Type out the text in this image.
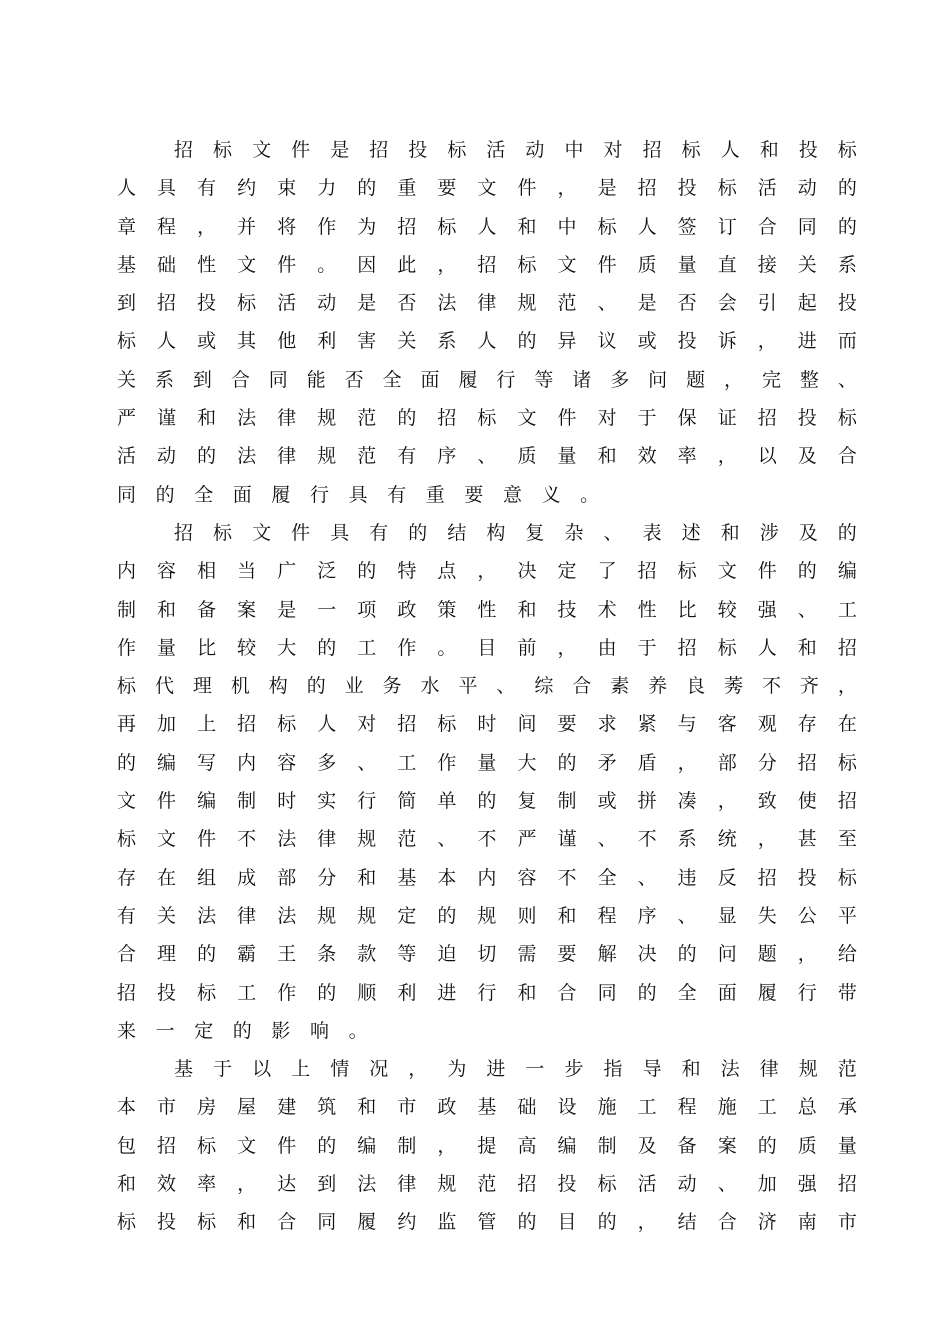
招 标 文 件 是 招 投 标 活 动 中 对 招 标 人 和 投 标
人 具 有 约 束 力 的 重 要 文 件 ， 是 招 投 标 活 动 的
章 程 ， 并 将 作 为 招 标 人 和 中 标 人 签 订 合 同 的
基 础 性 文 件 。 因 此 ， 招 标 文 件 质 量 直 接 关 系
到 招 投 标 活 动 是 否 法 律 规 范 、 是 否 会 引 起 投
标 人 或 其 他 利 害 关 系 人 的 异 议 或 投 诉 ， 进 而
关 系 到 合 同 能 否 全 面 履 行 等 诸 多 问 题 ， 完 整 、
严 谨 和 法 律 规 范 的 招 标 文 件 对 于 保 证 招 投 标
活 动 的 法 律 规 范 有 序 、 质 量 和 效 率 ， 以 及 合
同 的 全 面 履 行 具 有 重 要 意 义 。
招 标 文 件 具 有 的 结 构 复 杂 、 表 述 和 涉 及 的
内 容 相 当 广 泛 的 特 点 ， 决 定 了 招 标 文 件 的 编
制 和 备 案 是 一 项 政 策 性 和 技 术 性 比 较 强 、 工
作 量 比 较 大 的 工 作 。 目 前 ， 由 于 招 标 人 和 招
标 代 理 机 构 的 业 务 水 平 、 综 合 素 养 良 莠 不 齐 ，
再 加 上 招 标 人 对 招 标 时 间 要 求 紧 与 客 观 存 在
的 编 写 内 容 多 、 工 作 量 大 的 矛 盾 ， 部 分 招 标
文 件 编 制 时 实 行 简 单 的 复 制 或 拼 凑 ， 致 使 招
标 文 件 不 法 律 规 范 、 不 严 谨 、 不 系 统 ， 甚 至
存 在 组 成 部 分 和 基 本 内 容 不 全 、 违 反 招 投 标
有 关 法 律 法 规 规 定 的 规 则 和 程 序 、 显 失 公 平
合 理 的 霸 王 条 款 等 迫 切 需 要 解 决 的 问 题 ， 给
招 投 标 工 作 的 顺 利 进 行 和 合 同 的 全 面 履 行 带
来 一 定 的 影 响 。
基 于 以 上 情 况 ， 为 进 一 步 指 导 和 法 律 规 范
本 市 房 屋 建 筑 和 市 政 基 础 设 施 工 程 施 工 总 承
包 招 标 文 件 的 编 制 ， 提 高 编 制 及 备 案 的 质 量
和 效 率 ， 达 到 法 律 规 范 招 投 标 活 动 、 加 强 招
标 投 标 和 合 同 履 约 监 管 的 目 的 ， 结 合 济 南 市
